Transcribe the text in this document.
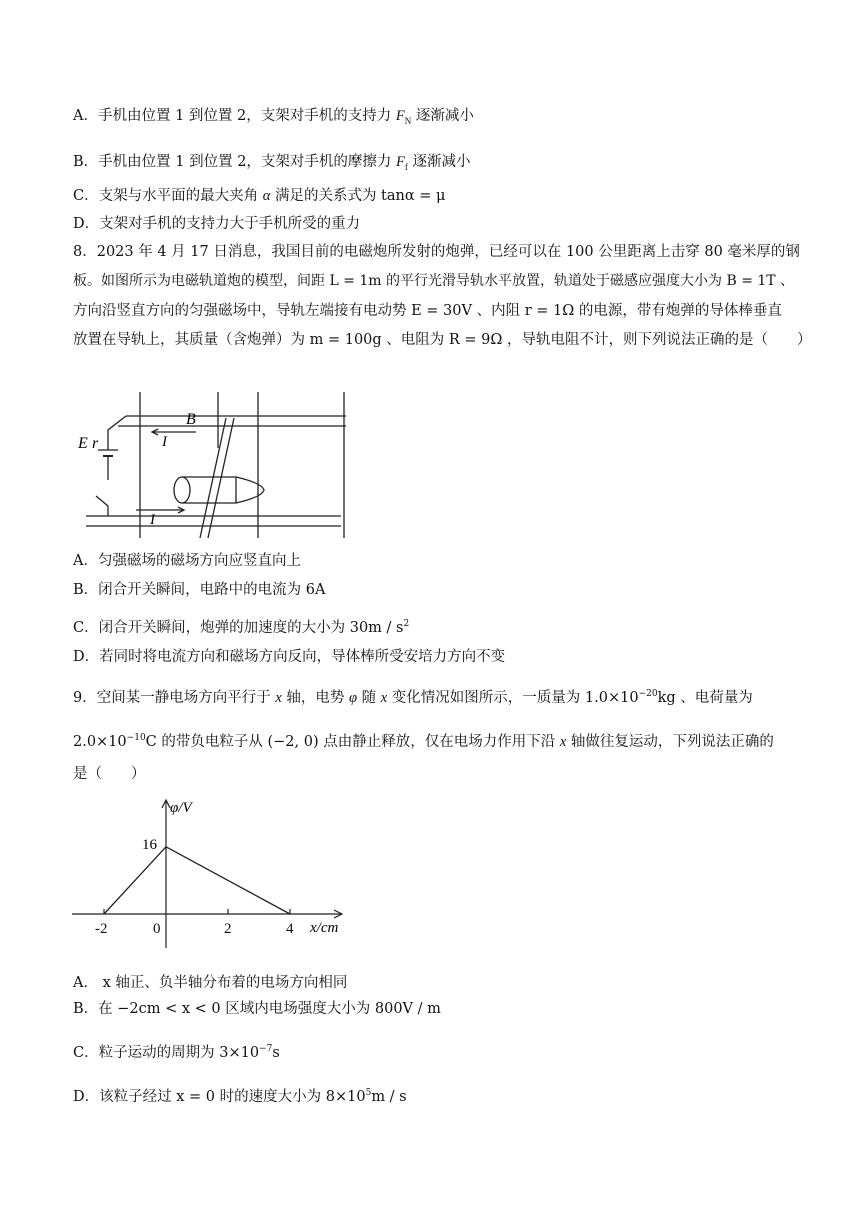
A．手机由位置 1 到位置 2，支架对手机的支持力 $F_N$ 逐渐减小
B．手机由位置 1 到位置 2，支架对手机的摩擦力 $F_f$ 逐渐减小
C．支架与水平面的最大夹角 α 满足的关系式为 tanα = μ
D．支架对手机的支持力大于手机所受的重力
8．2023 年 4 月 17 日消息，我国目前的电磁炮所发射的炮弹，已经可以在 100 公里距离上击穿 80 毫米厚的钢
板。如图所示为电磁轨道炮的模型，间距 L = 1m 的平行光滑导轨水平放置，轨道处于磁感应强度大小为 B = 1T 、
方向沿竖直方向的匀强磁场中，导轨左端接有电动势 E = 30V 、内阻 r = 1Ω 的电源，带有炮弹的导体棒垂直
放置在导轨上，其质量（含炮弹）为 m = 100g 、电阻为 R = 9Ω ，导轨电阻不计，则下列说法正确的是（　　）
B
I
I
E r
A．匀强磁场的磁场方向应竖直向上
B．闭合开关瞬间，电路中的电流为 6A
C．闭合开关瞬间，炮弹的加速度的大小为 $30m / s^2$
D．若同时将电流方向和磁场方向反向，导体棒所受安培力方向不变
9．空间某一静电场方向平行于 x 轴，电势 φ 随 x 变化情况如图所示，一质量为 $1.0\times 10^{-20}kg$ 、电荷量为
$2.0\times 10^{-10}C$ 的带负电粒子从 (−2, 0) 点由静止释放，仅在电场力作用下沿 x 轴做往复运动，下列说法正确的
是（　　）
-2	0	2	4
φ/V
x/cm
16
A． x 轴正、负半轴分布着的电场方向相同
B．在 −2cm < x < 0 区域内电场强度大小为 800V / m
C．粒子运动的周期为 $3\times 10^{-7}s$
D．该粒子经过 x = 0 时的速度大小为 $8\times 10^5m / s$
